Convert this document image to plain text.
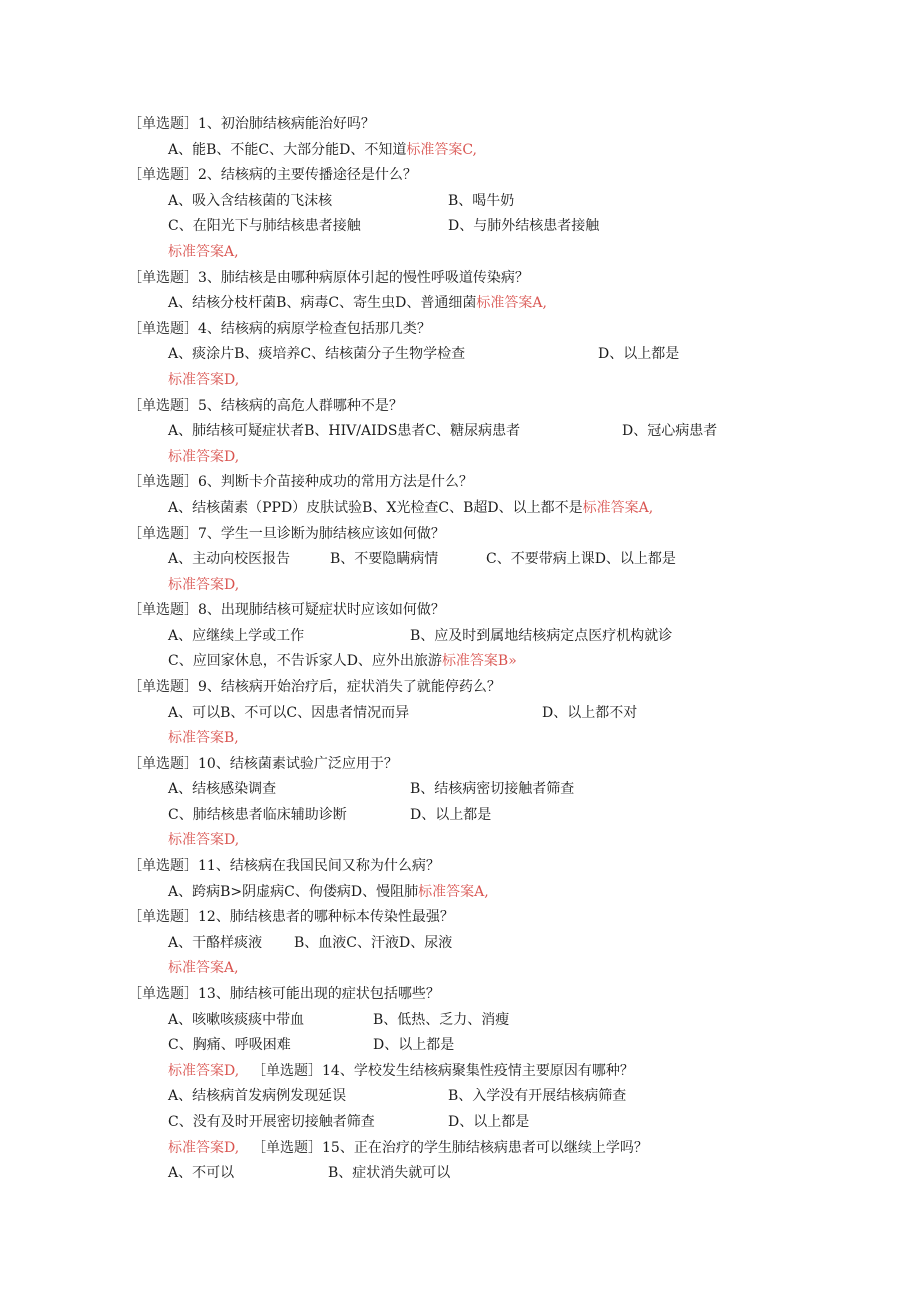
［单选题］1、初治肺结核病能治好吗？
A、能B、不能C、大部分能D、不知道标准答案C,
［单选题］2、结核病的主要传播途径是什么？
A、吸入含结核菌的飞沫核	B、喝牛奶
C、在阳光下与肺结核患者接触	D、与肺外结核患者接触
标准答案A,
［单选题］3、肺结核是由哪种病原体引起的慢性呼吸道传染病？
A、结核分枝杆菌B、病毒C、寄生虫D、普通细菌标准答案A,
［单选题］4、结核病的病原学检查包括那几类？
A、痰涂片B、痰培养C、结核菌分子生物学检查	D、以上都是
标准答案D,
［单选题］5、结核病的高危人群哪种不是？
A、肺结核可疑症状者B、HIV/AIDS患者C、糖尿病患者	D、冠心病患者
标准答案D,
［单选题］6、判断卡介苗接种成功的常用方法是什么？
A、结核菌素（PPD）皮肤试验B、X光检查C、B超D、以上都不是标准答案A,
［单选题］7、学生一旦诊断为肺结核应该如何做？
A、主动向校医报告	B、不要隐瞒病情	C、不要带病上课D、以上都是
标准答案D,
［单选题］8、出现肺结核可疑症状时应该如何做？
A、应继续上学或工作	B、应及时到属地结核病定点医疗机构就诊
C、应回家休息，不告诉家人D、应外出旅游标准答案B»
［单选题］9、结核病开始治疗后，症状消失了就能停药么？
A、可以B、不可以C、因患者情况而异	D、以上都不对
标准答案B,
［单选题］10、结核菌素试验广泛应用于？
A、结核感染调查	B、结核病密切接触者筛查
C、肺结核患者临床辅助诊断	D、以上都是
标准答案D,
［单选题］11、结核病在我国民间又称为什么病？
A、跨病B>阴虚病C、佝偻病D、慢阻肺标准答案A,
［单选题］12、肺结核患者的哪种标本传染性最强？
A、干酪样痰液 B、血液C、汗液D、尿液
标准答案A,
［单选题］13、肺结核可能出现的症状包括哪些？
A、咳嗽咳痰痰中带血	B、低热、乏力、消瘦
C、胸痛、呼吸困难	D、以上都是
标准答案D, ［单选题］14、学校发生结核病聚集性疫情主要原因有哪种？
A、结核病首发病例发现延误	B、入学没有开展结核病筛查
C、没有及时开展密切接触者筛查	D、以上都是
标准答案D, ［单选题］15、正在治疗的学生肺结核病患者可以继续上学吗？
A、不可以	B、症状消失就可以
